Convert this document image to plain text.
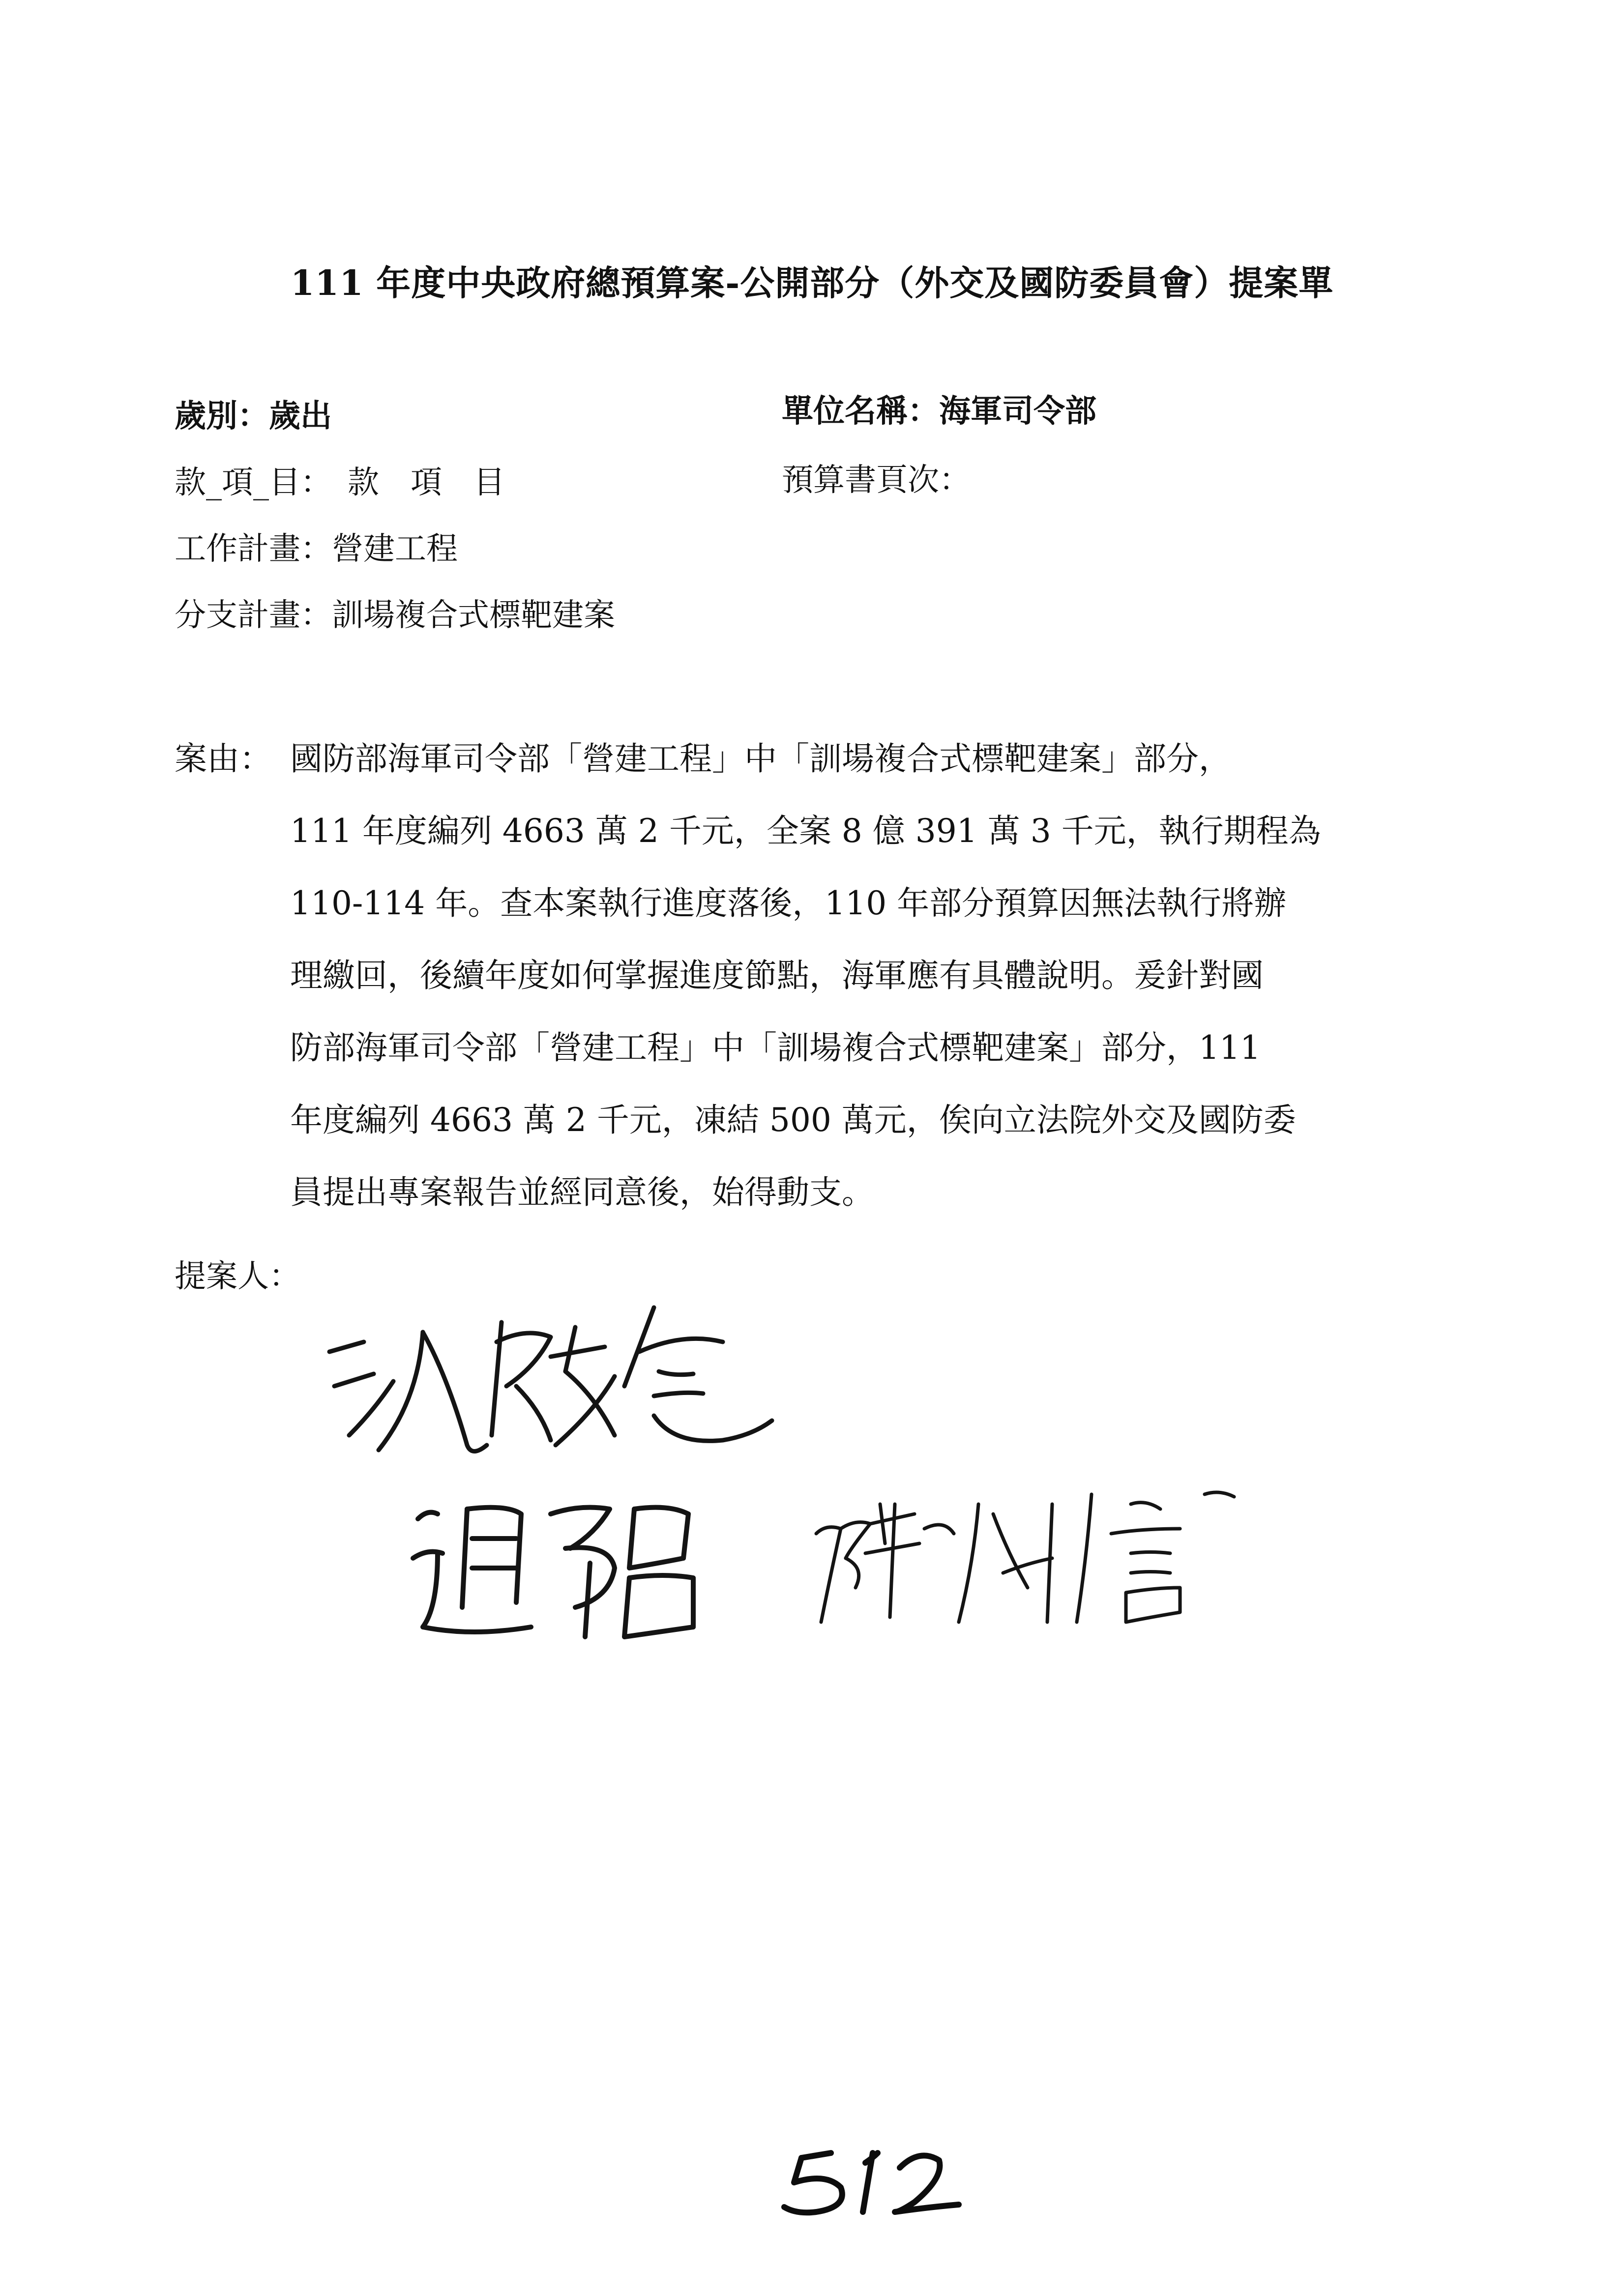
111 年度中央政府總預算案-公開部分（外交及國防委員會）提案單
歲別：歲出	單位名稱：海軍司令部
款_項_目：　款　項　目	預算書頁次：
工作計畫：營建工程
分支計畫：訓場複合式標靶建案
案由： 國防部海軍司令部「營建工程」中「訓場複合式標靶建案」部分，
111 年度編列 4663 萬 2 千元，全案 8 億 391 萬 3 千元，執行期程為
110-114 年。查本案執行進度落後，110 年部分預算因無法執行將辦
理繳回，後續年度如何掌握進度節點，海軍應有具體說明。爰針對國
防部海軍司令部「營建工程」中「訓場複合式標靶建案」部分，111
年度編列 4663 萬 2 千元，凍結 500 萬元，俟向立法院外交及國防委
員提出專案報告並經同意後，始得動支。
提案人：
